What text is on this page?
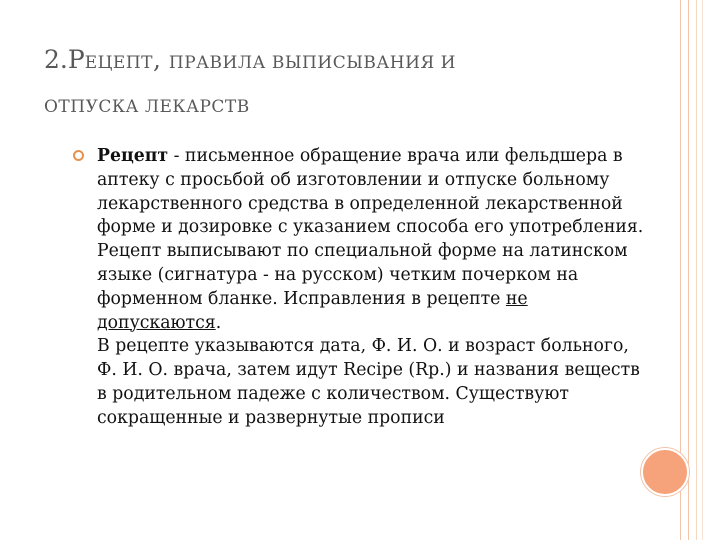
2.РЕЦЕПТ, ПРАВИЛА ВЫПИСЫВАНИЯ И
ОТПУСКА ЛЕКАРСТВ

Рецепт - письменное обращение врача или фельдшера в аптеку с просьбой об изготовлении и отпуске больному лекарственного средства в определенной лекарственной форме и дозировке с указанием способа его употребления.

Рецепт выписывают по специальной форме на латинском языке (сигнатура - на русском) четким почерком на форменном бланке. Исправления в рецепте не допускаются.

В рецепте указываются дата, Ф. И. О. и возраст больного, Ф. И. О. врача, затем идут Recipe (Rp.) и названия веществ в родительном падеже с количеством. Существуют сокращенные и развернутые прописи
